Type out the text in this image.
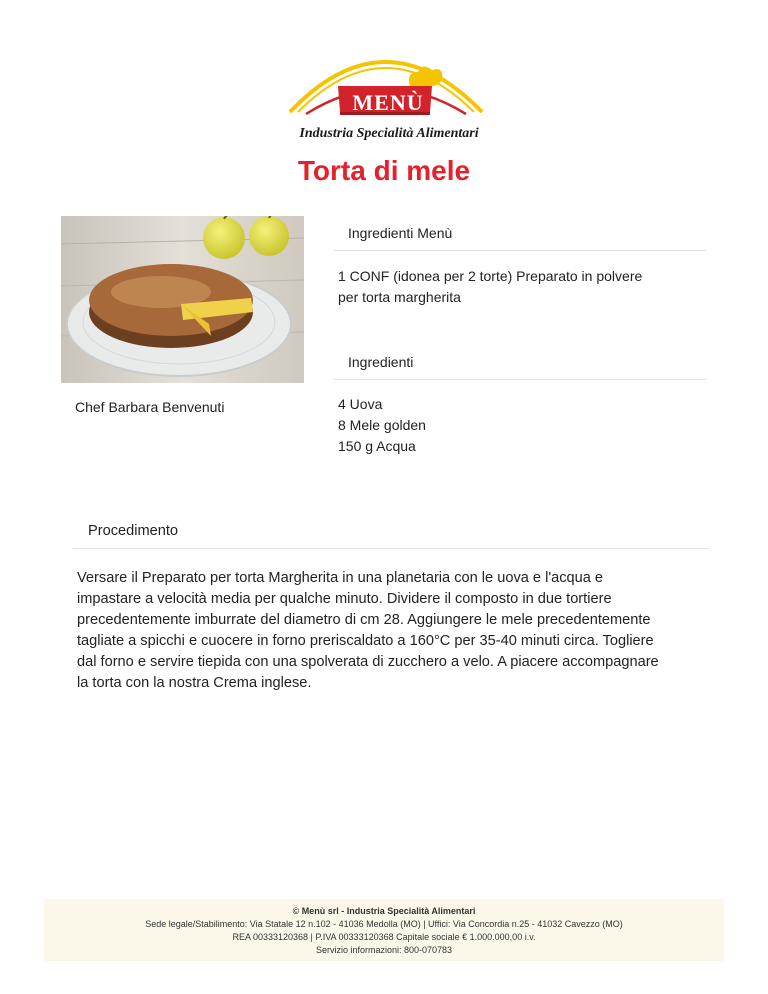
MENÙ
Industria Specialità Alimentari
Torta di mele
Ingredienti Menù
1 CONF (idonea per 2 torte) Preparato in polvere
per torta margherita
Ingredienti
4 Uova
8 Mele golden
150 g Acqua
Chef Barbara Benvenuti
Procedimento
Versare il Preparato per torta Margherita in una planetaria con le uova e l'acqua e
impastare a velocità media per qualche minuto. Dividere il composto in due tortiere
precedentemente imburrate del diametro di cm 28. Aggiungere le mele precedentemente
tagliate a spicchi e cuocere in forno preriscaldato a 160°C per 35-40 minuti circa. Togliere
dal forno e servire tiepida con una spolverata di zucchero a velo. A piacere accompagnare
la torta con la nostra Crema inglese.
© Menù srl - Industria Specialità Alimentari
Sede legale/Stabilimento: Via Statale 12 n.102 - 41036 Medolla (MO) | Uffici: Via Concordia n.25 - 41032 Cavezzo (MO)
REA 00333120368 | P.IVA 00333120368 Capitale sociale € 1.000.000,00 i.v.
Servizio informazioni: 800-070783
